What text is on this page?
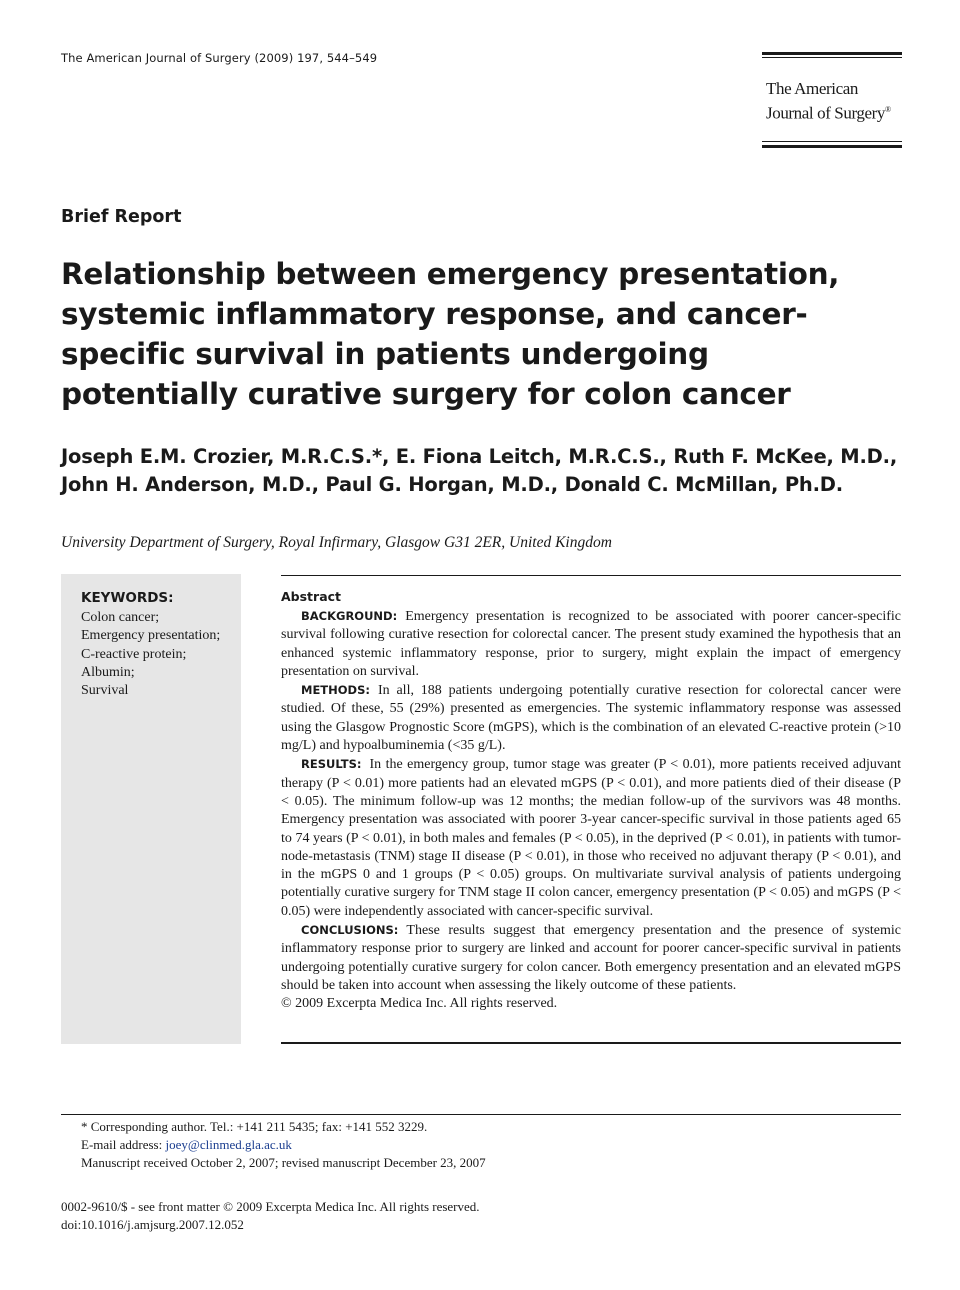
The American Journal of Surgery (2009) 197, 544–549
The American
Journal of Surgery®
Brief Report
Relationship between emergency presentation, systemic inflammatory response, and cancer-specific survival in patients undergoing potentially curative surgery for colon cancer
Joseph E.M. Crozier, M.R.C.S.*, E. Fiona Leitch, M.R.C.S., Ruth F. McKee, M.D.,
John H. Anderson, M.D., Paul G. Horgan, M.D., Donald C. McMillan, Ph.D.
University Department of Surgery, Royal Infirmary, Glasgow G31 2ER, United Kingdom
KEYWORDS:
Colon cancer;
Emergency presentation;
C-reactive protein;
Albumin;
Survival
Abstract

BACKGROUND: Emergency presentation is recognized to be associated with poorer cancer-specific survival following curative resection for colorectal cancer. The present study examined the hypothesis that an enhanced systemic inflammatory response, prior to surgery, might explain the impact of emergency presentation on survival.

METHODS: In all, 188 patients undergoing potentially curative resection for colorectal cancer were studied. Of these, 55 (29%) presented as emergencies. The systemic inflammatory response was assessed using the Glasgow Prognostic Score (mGPS), which is the combination of an elevated C-reactive protein (>10 mg/L) and hypoalbuminemia (<35 g/L).

RESULTS: In the emergency group, tumor stage was greater (P < 0.01), more patients received adjuvant therapy (P < 0.01) more patients had an elevated mGPS (P < 0.01), and more patients died of their disease (P < 0.05). The minimum follow-up was 12 months; the median follow-up of the survivors was 48 months. Emergency presentation was associated with poorer 3-year cancer-specific survival in those patients aged 65 to 74 years (P < 0.01), in both males and females (P < 0.05), in the deprived (P < 0.01), in patients with tumor-node-metastasis (TNM) stage II disease (P < 0.01), in those who received no adjuvant therapy (P < 0.01), and in the mGPS 0 and 1 groups (P < 0.05) groups. On multivariate survival analysis of patients undergoing potentially curative surgery for TNM stage II colon cancer, emergency presentation (P < 0.05) and mGPS (P < 0.05) were independently associated with cancer-specific survival.

CONCLUSIONS: These results suggest that emergency presentation and the presence of systemic inflammatory response prior to surgery are linked and account for poorer cancer-specific survival in patients undergoing potentially curative surgery for colon cancer. Both emergency presentation and an elevated mGPS should be taken into account when assessing the likely outcome of these patients.

© 2009 Excerpta Medica Inc. All rights reserved.

* Corresponding author. Tel.: +141 211 5435; fax: +141 552 3229.
E-mail address: joey@clinmed.gla.ac.uk
Manuscript received October 2, 2007; revised manuscript December 23, 2007
0002-9610/$ - see front matter © 2009 Excerpta Medica Inc. All rights reserved.
doi:10.1016/j.amjsurg.2007.12.052
